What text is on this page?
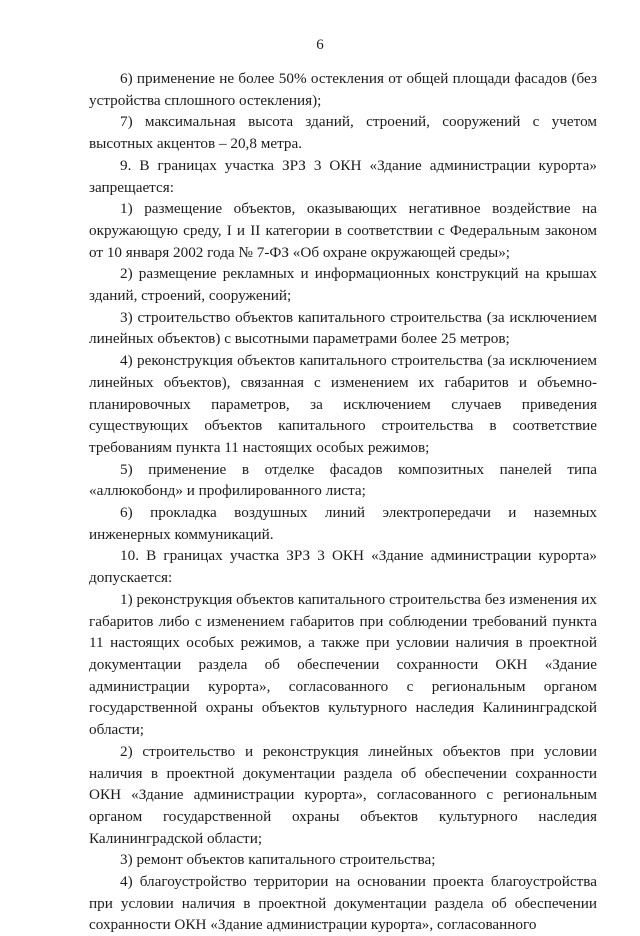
6

6) применение не более 50% остекления от общей площади фасадов (без устройства сплошного остекления);

7) максимальная высота зданий, строений, сооружений с учетом высотных акцентов – 20,8 метра.

9. В границах участка ЗРЗ 3 ОКН «Здание администрации курорта» запрещается:

1) размещение объектов, оказывающих негативное воздействие на окружающую среду, I и II категории в соответствии с Федеральным законом от 10 января 2002 года № 7-ФЗ «Об охране окружающей среды»;

2) размещение рекламных и информационных конструкций на крышах зданий, строений, сооружений;

3) строительство объектов капитального строительства (за исключением линейных объектов) с высотными параметрами более 25 метров;

4) реконструкция объектов капитального строительства (за исключением линейных объектов), связанная с изменением их габаритов и объемно-планировочных параметров, за исключением случаев приведения существующих объектов капитального строительства в соответствие требованиям пункта 11 настоящих особых режимов;

5) применение в отделке фасадов композитных панелей типа «аллюкобонд» и профилированного листа;

6) прокладка воздушных линий электропередачи и наземных инженерных коммуникаций.

10. В границах участка ЗРЗ 3 ОКН «Здание администрации курорта» допускается:

1) реконструкция объектов капитального строительства без изменения их габаритов либо с изменением габаритов при соблюдении требований пункта 11 настоящих особых режимов, а также при условии наличия в проектной документации раздела об обеспечении сохранности ОКН «Здание администрации курорта», согласованного с региональным органом государственной охраны объектов культурного наследия Калининградской области;

2) строительство и реконструкция линейных объектов при условии наличия в проектной документации раздела об обеспечении сохранности ОКН «Здание администрации курорта», согласованного с региональным органом государственной охраны объектов культурного наследия Калининградской области;

3) ремонт объектов капитального строительства;

4) благоустройство территории на основании проекта благоустройства при условии наличия в проектной документации раздела об обеспечении сохранности ОКН «Здание администрации курорта», согласованного
